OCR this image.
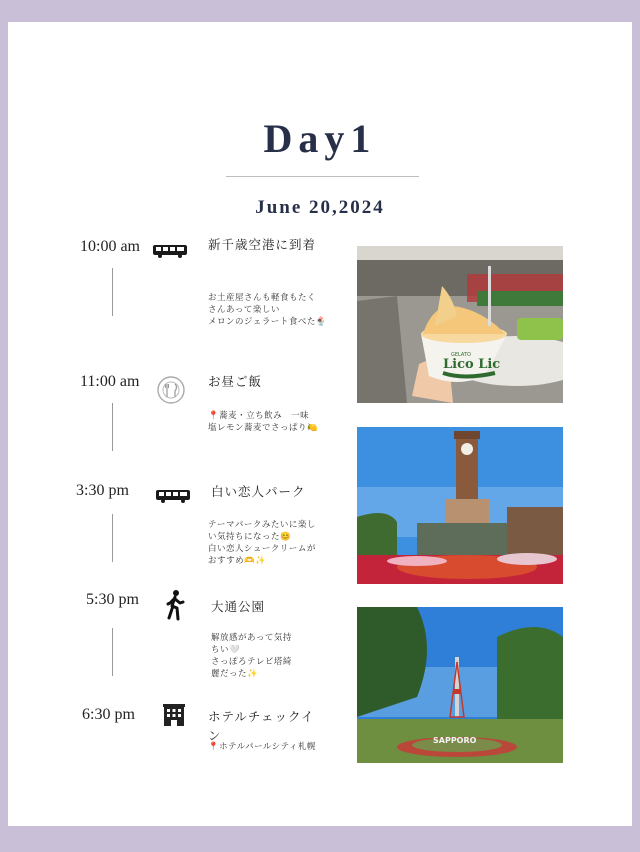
Day1
June 20,2024
10:00 am	新千歳空港に到着
お土産屋さんも軽食もたく
さんあって楽しい
メロンのジェラート食べた🍨
11:00 am	お昼ご飯
📍蕎麦・立ち飲み　一味
塩レモン蕎麦でさっぱり🍋
3:30 pm	白い恋人パーク
テーマパークみたいに楽し
い気持ちになった😊
白い恋人シュークリームが
おすすめ🫶✨
5:30 pm	大通公園
解放感があって気持
ちい🤍
さっぽろテレビ塔綺
麗だった✨
6:30 pm	ホテルチェックイン
📍ホテルパールシティ札幌
GELATO
Lico Lic
SAPPORO
